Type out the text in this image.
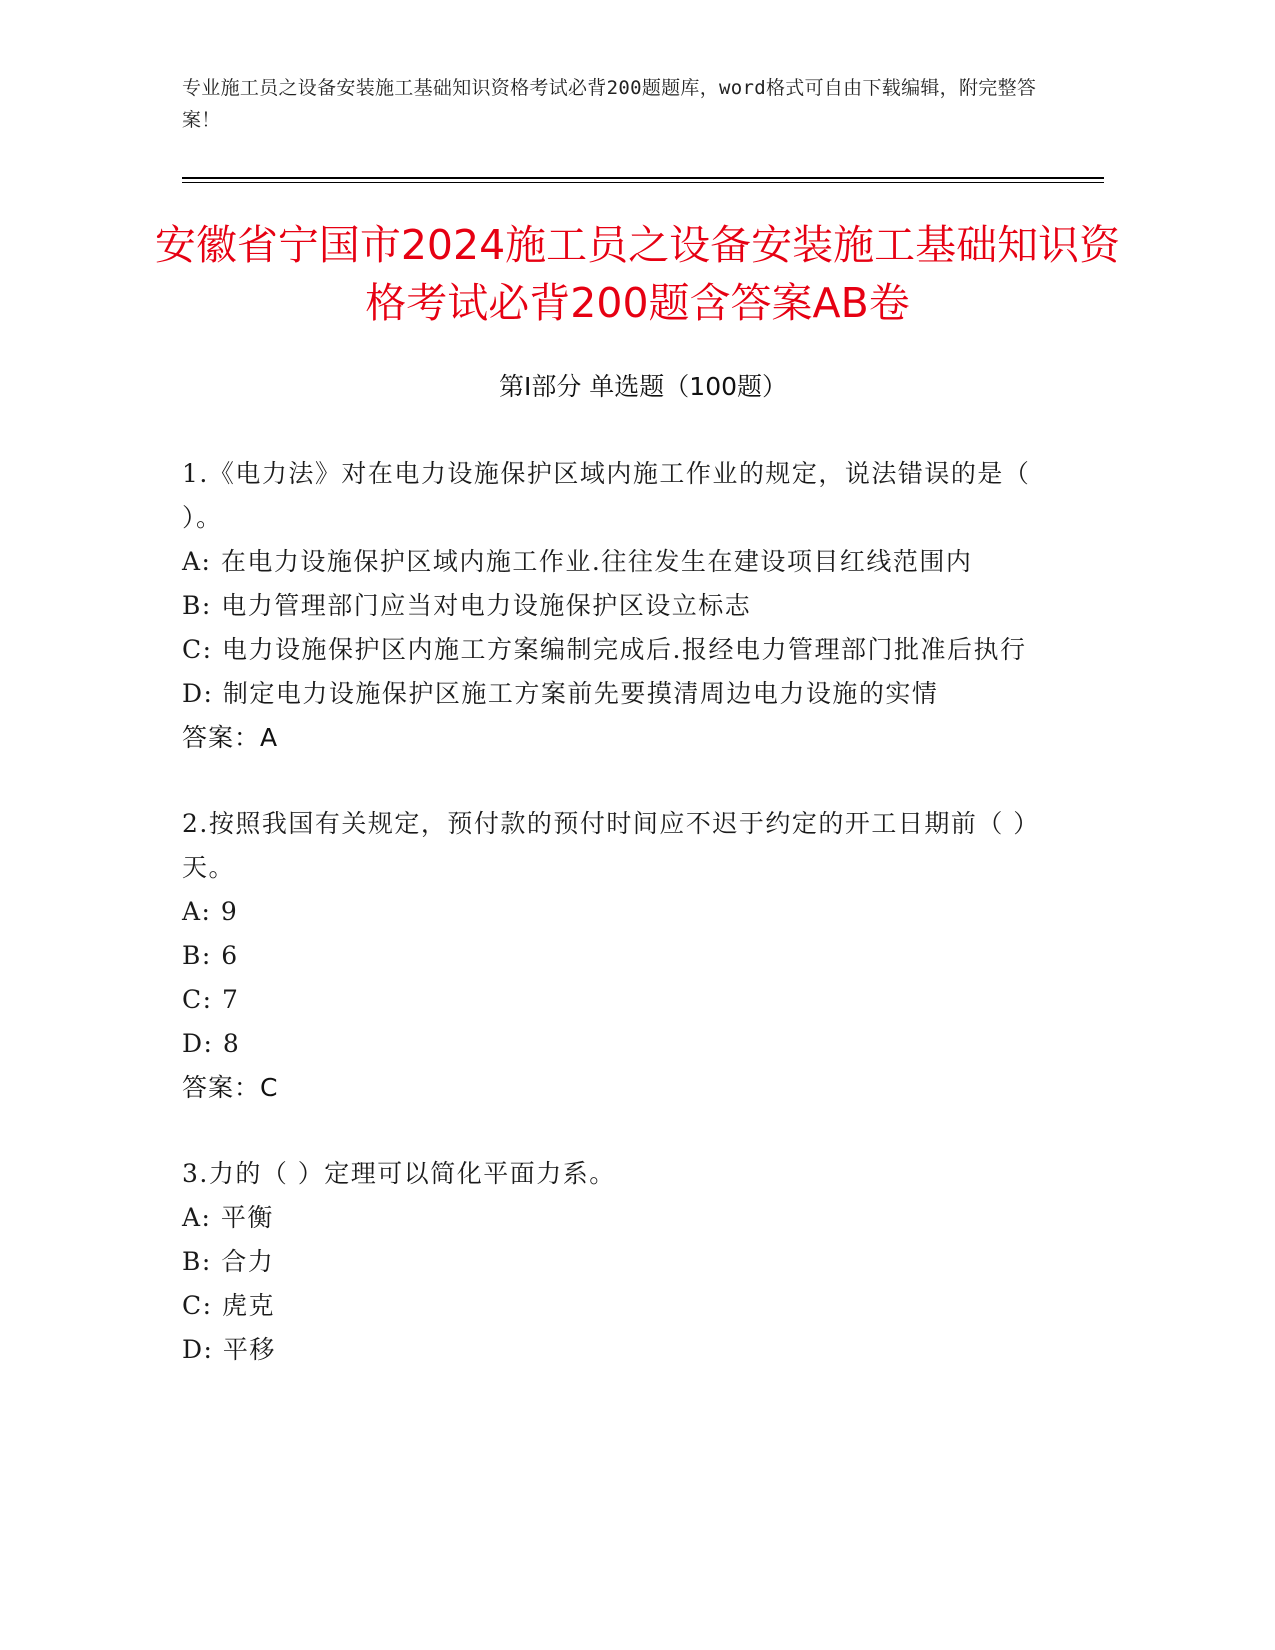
专业施工员之设备安装施工基础知识资格考试必背200题题库，word格式可自由下载编辑，附完整答案！
安徽省宁国市2024施工员之设备安装施工基础知识资格考试必背200题含答案AB卷
第Ⅰ部分 单选题（100题）
1.《电力法》对在电力设施保护区域内施工作业的规定，说法错误的是（ ）。
A: 在电力设施保护区域内施工作业.往往发生在建设项目红线范围内
B: 电力管理部门应当对电力设施保护区设立标志
C: 电力设施保护区内施工方案编制完成后.报经电力管理部门批准后执行
D: 制定电力设施保护区施工方案前先要摸清周边电力设施的实情
答案：A
2.按照我国有关规定，预付款的预付时间应不迟于约定的开工日期前（ ）天。
A: 9
B: 6
C: 7
D: 8
答案：C
3.力的（ ）定理可以简化平面力系。
A: 平衡
B: 合力
C: 虎克
D: 平移
